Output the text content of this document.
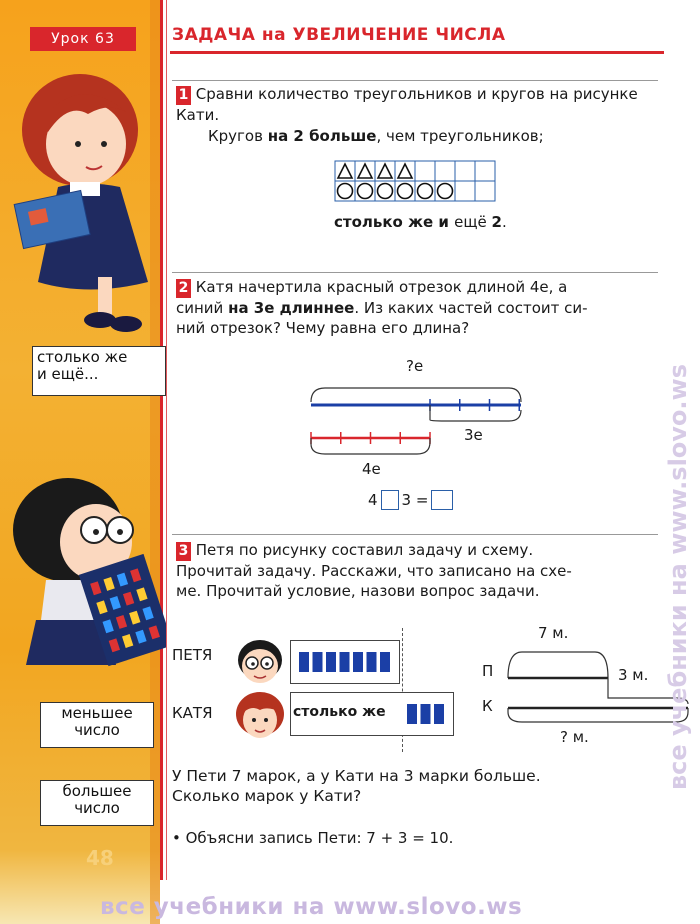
столько же
и ещё...
меньшее
число
большее
число
48
Урок 63	ЗАДАЧА на УВЕЛИЧЕНИЕ ЧИСЛА
1 Сравни количество треугольников и кругов на рисунке Кати.
Кругов на 2 больше, чем треугольников;
столько же и ещё 2.
2 Катя начертила красный отрезок длиной 4е, а
синий на 3е длиннее. Из каких частей состоит си-
ний отрезок? Чему равна его длина?
?е
3е
4е
4 3 =
3 Петя по рисунку составил задачу и схему.
Прочитай задачу. Расскажи, что записано на схе-
ме. Прочитай условие, назови вопрос задачи.
ПЕТЯ
КАТЯ	столько же
7 м.
П
К
3 м.
? м.
У Пети 7 марок, а у Кати на 3 марки больше.
Сколько марок у Кати?
• Объясни запись Пети: 7 + 3 = 10.
все учебники на www.slovo.ws
все учебники на www.slovo.ws
